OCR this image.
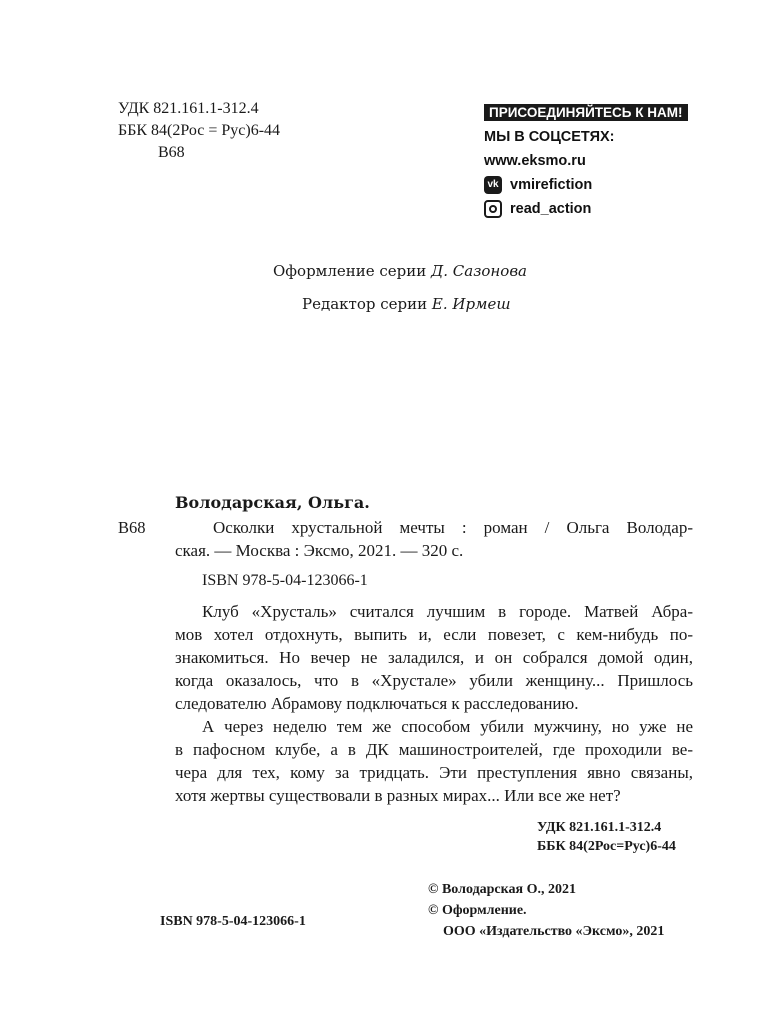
УДК 821.161.1-312.4
ББК 84(2Рос = Рус)6-44
В68
ПРИСОЕДИНЯЙТЕСЬ К НАМ!
МЫ В СОЦСЕТЯХ:
www.eksmo.ru
vk vmirefiction
read_action
Оформление серии Д. Сазонова
Редактор серии Е. Ирмеш
Володарская, Ольга.
В68	Осколки хрустальной мечты : роман / Ольга Володар-
ская. — Москва : Эксмо, 2021. — 320 с.
ISBN 978-5-04-123066-1
Клуб «Хрусталь» считался лучшим в городе. Матвей Абра-
мов хотел отдохнуть, выпить и, если повезет, с кем-нибудь по-
знакомиться. Но вечер не заладился, и он собрался домой один,
когда оказалось, что в «Хрустале» убили женщину... Пришлось
следователю Абрамову подключаться к расследованию.
А через неделю тем же способом убили мужчину, но уже не
в пафосном клубе, а в ДК машиностроителей, где проходили ве-
чера для тех, кому за тридцать. Эти преступления явно связаны,
хотя жертвы существовали в разных мирах... Или все же нет?
УДК 821.161.1-312.4
ББК 84(2Рос=Рус)6-44
ISBN 978-5-04-123066-1
© Володарская О., 2021
© Оформление.
ООО «Издательство «Эксмо», 2021
